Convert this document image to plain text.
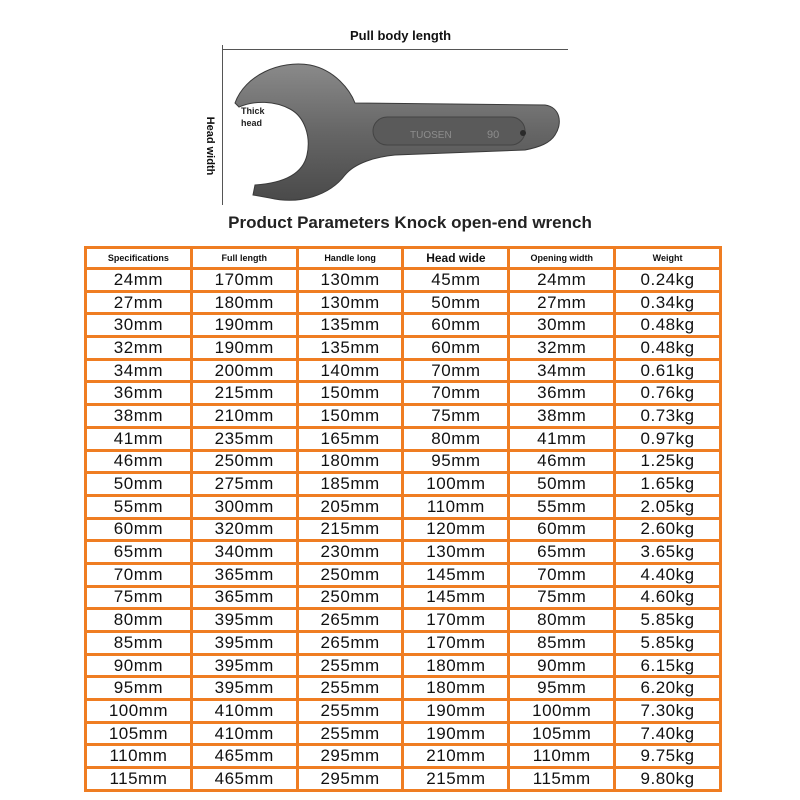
Pull body length
Head width	TUOSEN	90
Thick
head
Product Parameters Knock open-end wrench
Specifications	Full length	Handle long	Head wide	Opening width	Weight
24mm	170mm	130mm	45mm	24mm	0.24kg
27mm	180mm	130mm	50mm	27mm	0.34kg
30mm	190mm	135mm	60mm	30mm	0.48kg
32mm	190mm	135mm	60mm	32mm	0.48kg
34mm	200mm	140mm	70mm	34mm	0.61kg
36mm	215mm	150mm	70mm	36mm	0.76kg
38mm	210mm	150mm	75mm	38mm	0.73kg
41mm	235mm	165mm	80mm	41mm	0.97kg
46mm	250mm	180mm	95mm	46mm	1.25kg
50mm	275mm	185mm	100mm	50mm	1.65kg
55mm	300mm	205mm	110mm	55mm	2.05kg
60mm	320mm	215mm	120mm	60mm	2.60kg
65mm	340mm	230mm	130mm	65mm	3.65kg
70mm	365mm	250mm	145mm	70mm	4.40kg
75mm	365mm	250mm	145mm	75mm	4.60kg
80mm	395mm	265mm	170mm	80mm	5.85kg
85mm	395mm	265mm	170mm	85mm	5.85kg
90mm	395mm	255mm	180mm	90mm	6.15kg
95mm	395mm	255mm	180mm	95mm	6.20kg
100mm	410mm	255mm	190mm	100mm	7.30kg
105mm	410mm	255mm	190mm	105mm	7.40kg
110mm	465mm	295mm	210mm	110mm	9.75kg
115mm	465mm	295mm	215mm	115mm	9.80kg
